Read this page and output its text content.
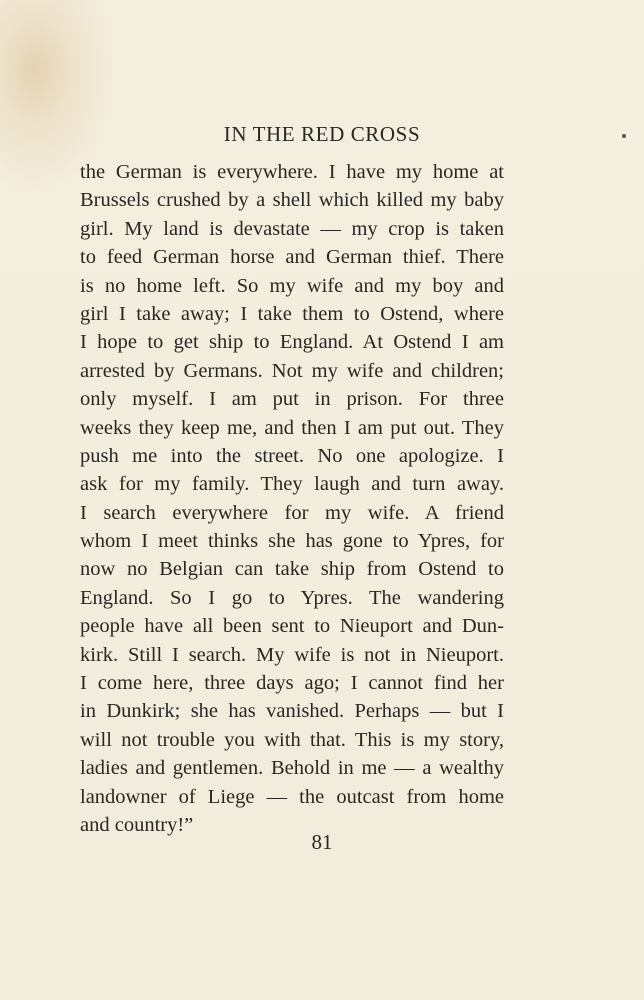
IN THE RED CROSS
the German is everywhere. I have my home at
Brussels crushed by a shell which killed my baby
girl. My land is devastate — my crop is taken
to feed German horse and German thief. There
is no home left. So my wife and my boy and
girl I take away; I take them to Ostend, where
I hope to get ship to England. At Ostend I am
arrested by Germans. Not my wife and children;
only myself. I am put in prison. For three
weeks they keep me, and then I am put out. They
push me into the street. No one apologize. I
ask for my family. They laugh and turn away.
I search everywhere for my wife. A friend
whom I meet thinks she has gone to Ypres, for
now no Belgian can take ship from Ostend to
England. So I go to Ypres. The wandering
people have all been sent to Nieuport and Dun-
kirk. Still I search. My wife is not in Nieuport.
I come here, three days ago; I cannot find her
in Dunkirk; she has vanished. Perhaps — but I
will not trouble you with that. This is my story,
ladies and gentlemen. Behold in me — a wealthy
landowner of Liege — the outcast from home
and country!”
81
